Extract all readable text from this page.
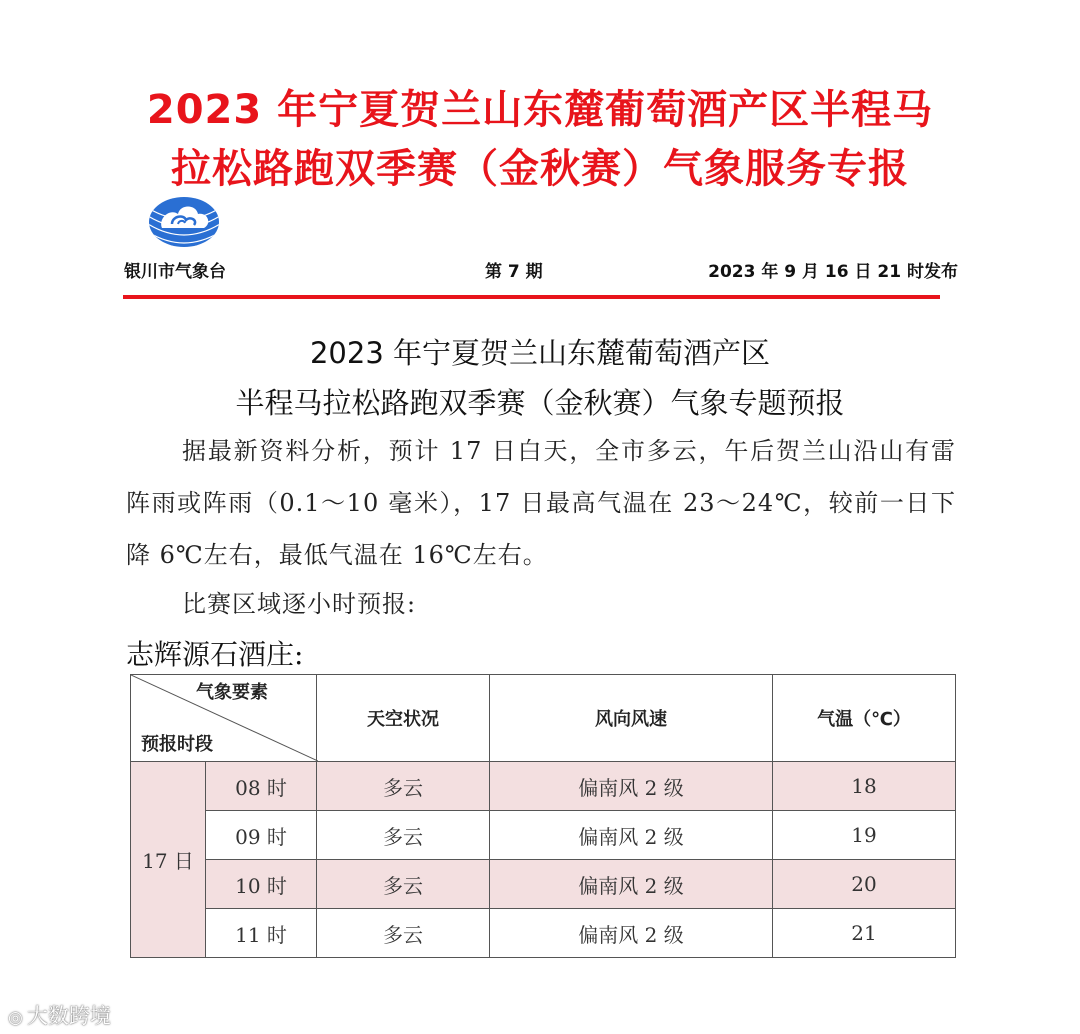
2023 年宁夏贺兰山东麓葡萄酒产区半程马
拉松路跑双季赛（金秋赛）气象服务专报
银川市气象台	第 7 期	2023 年 9 月 16 日 21 时发布
2023 年宁夏贺兰山东麓葡萄酒产区
半程马拉松路跑双季赛（金秋赛）气象专题预报
据最新资料分析，预计 17 日白天，全市多云，午后贺兰山沿山有雷阵雨或阵雨（0.1～10 毫米），17 日最高气温在 23～24℃，较前一日下降 6℃左右，最低气温在 16℃左右。
比赛区域逐小时预报:
志辉源石酒庄:
气象要素
预报时段		天空状况	风向风速	气温（℃）
17 日	08 时	多云	偏南风 2 级	18
	09 时	多云	偏南风 2 级	19
	10 时	多云	偏南风 2 级	20
	11 时	多云	偏南风 2 级	21
◎ 大数跨境
